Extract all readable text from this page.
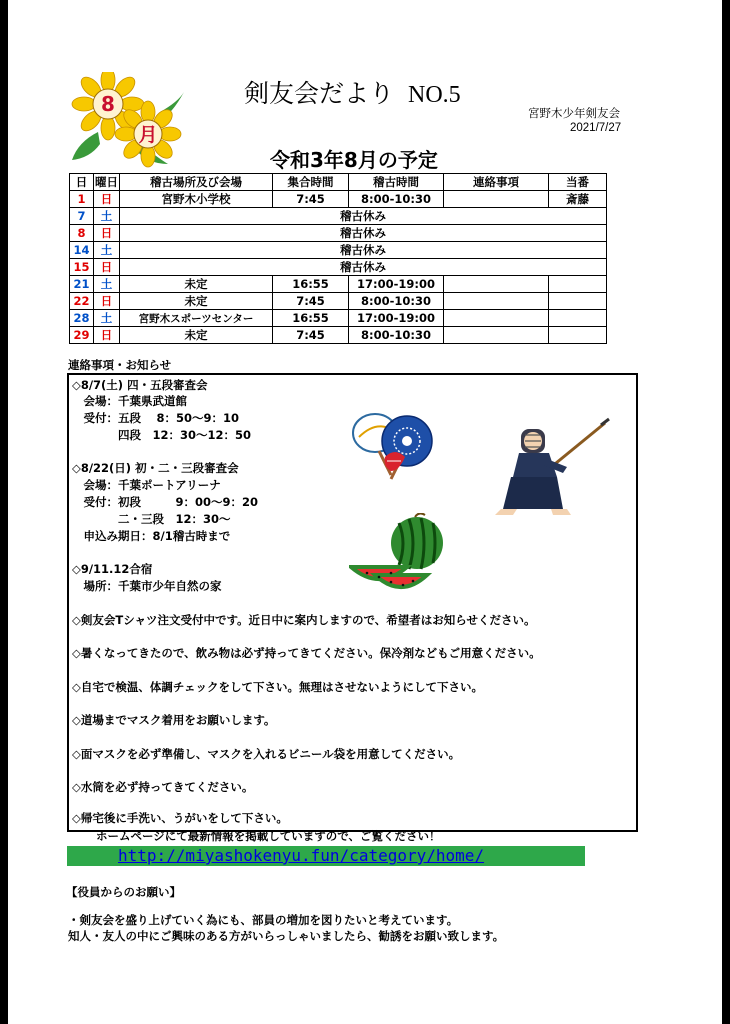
8
月
剣友会だより NO.5
宮野木少年剣友会
2021/7/27
令和3年8月の予定
日	曜日	稽古場所及び会場	集合時間	稽古時間	連絡事項	当番
1	日	宮野木小学校	7:45	8:00-10:30		斎藤
7	土	稽古休み				
8	日	稽古休み				
14	土	稽古休み				
15	日	稽古休み				
21	土	未定	16:55	17:00-19:00		
22	日	未定	7:45	8:00-10:30		
28	土	宮野木スポーツセンター	16:55	17:00-19:00		
29	日	未定	7:45	8:00-10:30		
連絡事項・お知らせ
◇8/7(土) 四・五段審査会
　会場：千葉県武道館
　受付：五段　 8：50～9：10
　　　　四段　12：30～12：50
◇8/22(日) 初・二・三段審査会
　会場：千葉ポートアリーナ
　受付：初段　　　9：00～9：20
　　　　二・三段　12：30～
　申込み期日：8/1稽古時まで
◇9/11.12合宿
　場所：千葉市少年自然の家
◇剣友会Tシャツ注文受付中です。近日中に案内しますので、希望者はお知らせください。
◇暑くなってきたので、飲み物は必ず持ってきてください。保冷剤などもご用意ください。
◇自宅で検温、体調チェックをして下さい。無理はさせないようにして下さい。
◇道場までマスク着用をお願いします。
◇面マスクを必ず準備し、マスクを入れるビニール袋を用意してください。
◇水筒を必ず持ってきてください。
◇帰宅後に手洗い、うがいをして下さい。
ホームページにて最新情報を掲載していますので、ご覧ください！
http://miyashokenyu.fun/category/home/
【役員からのお願い】
・剣友会を盛り上げていく為にも、部員の増加を図りたいと考えています。
知人・友人の中にご興味のある方がいらっしゃいましたら、勧誘をお願い致します。
